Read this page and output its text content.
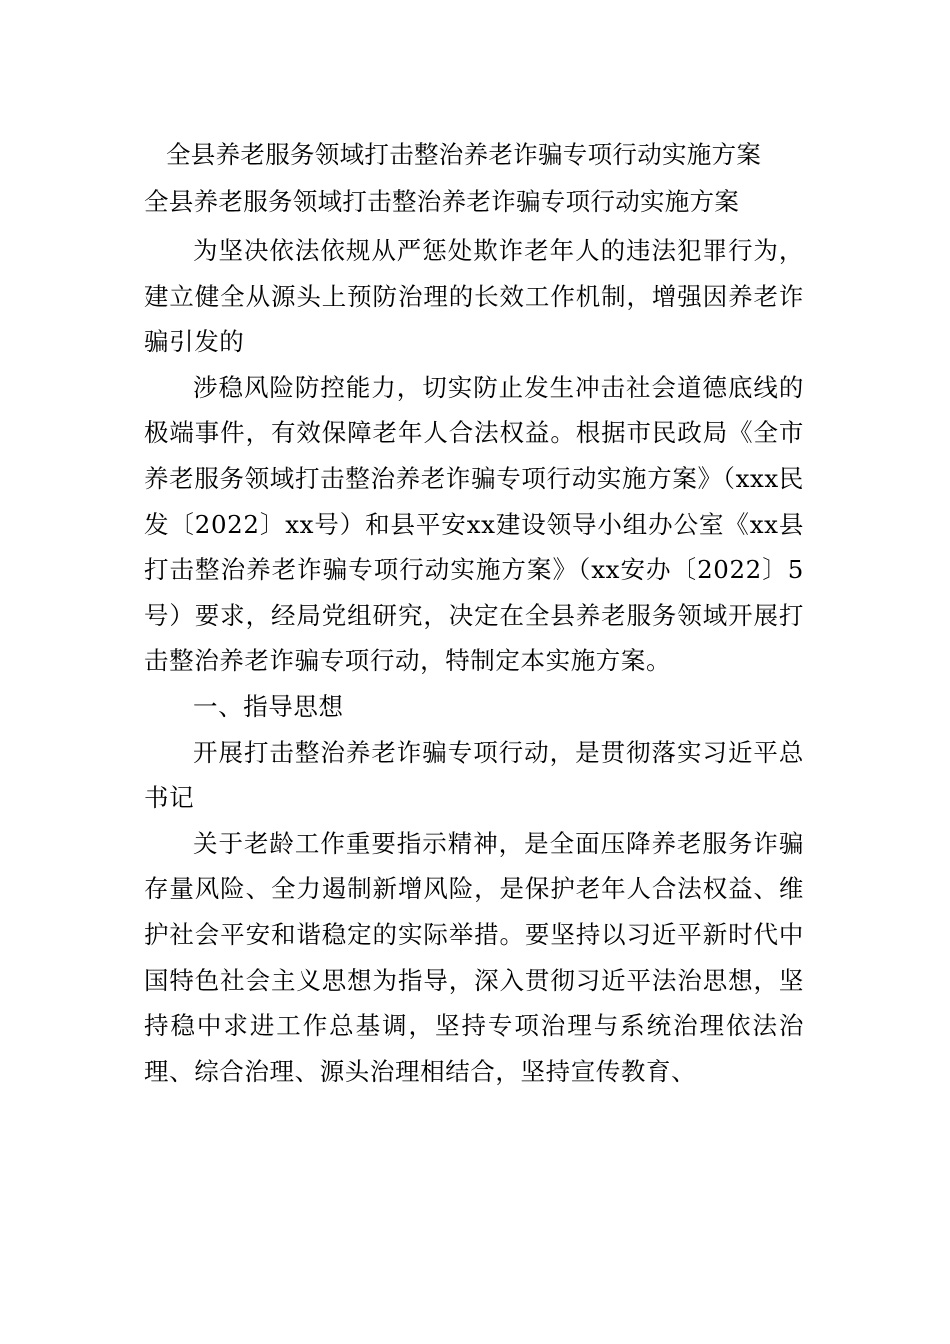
全县养老服务领域打击整治养老诈骗专项行动实施方案
全县养老服务领域打击整治养老诈骗专项行动实施方案

为坚决依法依规从严惩处欺诈老年人的违法犯罪行为，建立健全从源头上预防治理的长效工作机制，增强因养老诈骗引发的

涉稳风险防控能力，切实防止发生冲击社会道德底线的极端事件，有效保障老年人合法权益。根据市民政局《全市养老服务领域打击整治养老诈骗专项行动实施方案》（xxx民发〔2022〕xx号）和县平安xx建设领导小组办公室《xx县打击整治养老诈骗专项行动实施方案》（xx安办〔2022〕5号）要求，经局党组研究，决定在全县养老服务领域开展打击整治养老诈骗专项行动，特制定本实施方案。

一、指导思想

开展打击整治养老诈骗专项行动，是贯彻落实习近平总书记

关于老龄工作重要指示精神，是全面压降养老服务诈骗存量风险、全力遏制新增风险，是保护老年人合法权益、维护社会平安和谐稳定的实际举措。要坚持以习近平新时代中国特色社会主义思想为指导，深入贯彻习近平法治思想，坚持稳中求进工作总基调，坚持专项治理与系统治理依法治理、综合治理、源头治理相结合，坚持宣传教育、
